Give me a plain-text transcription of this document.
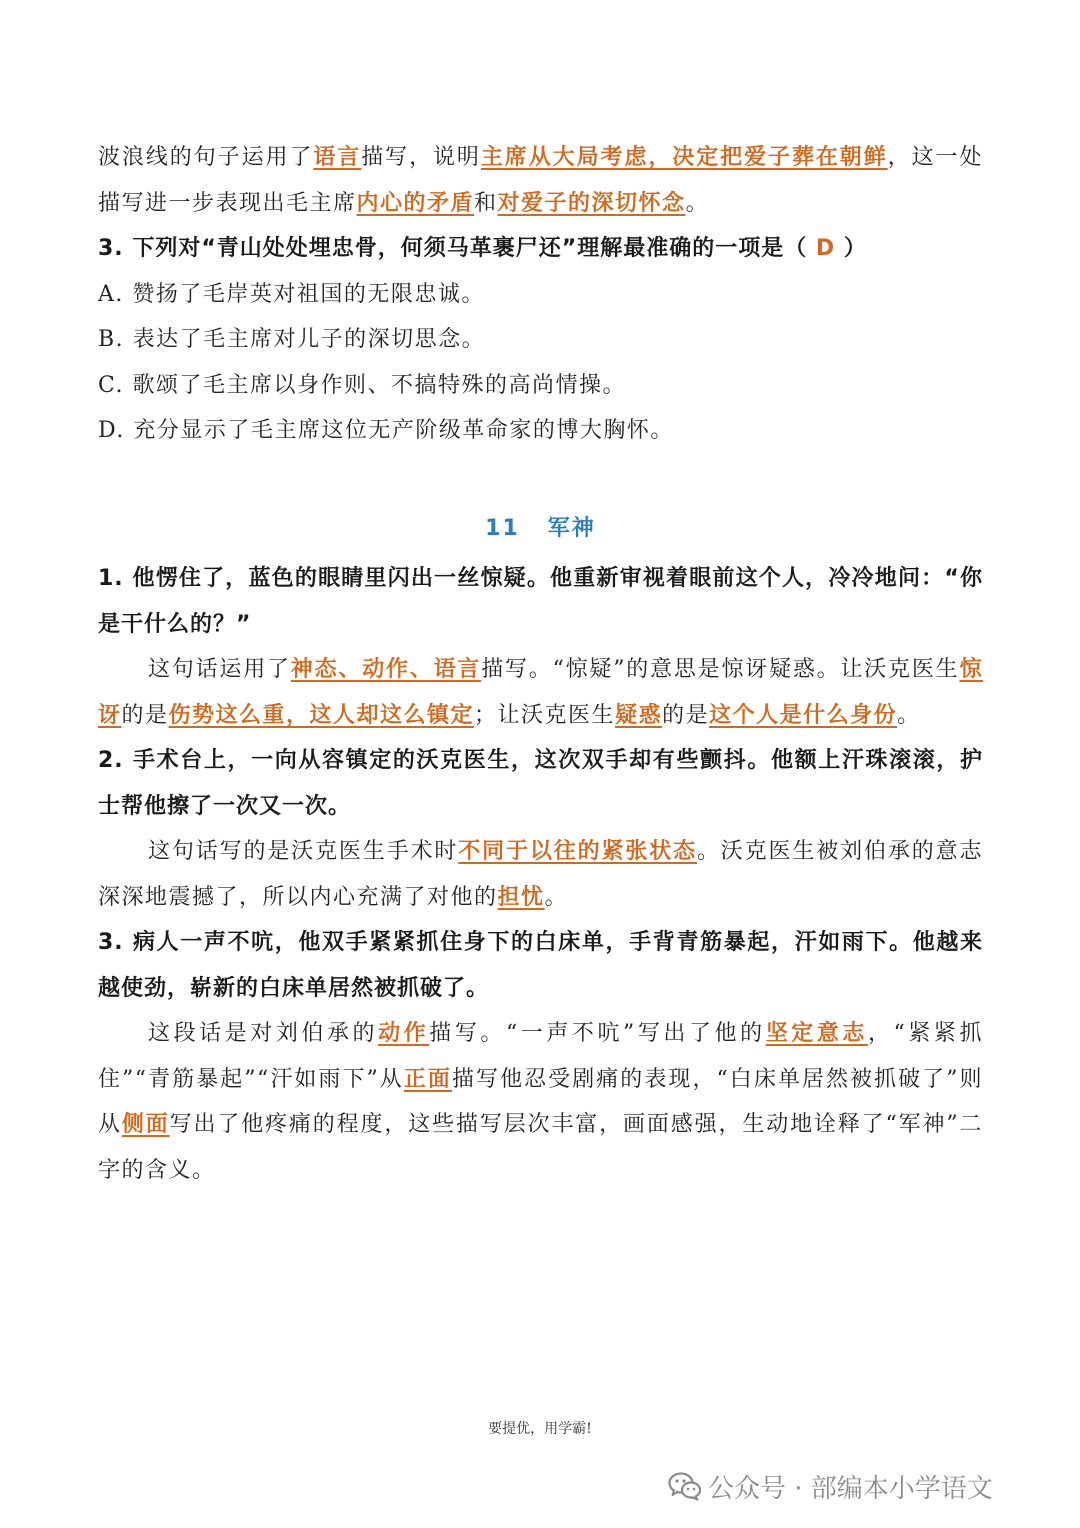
波浪线的句子运用了语言描写，说明主席从大局考虑，决定把爱子葬在朝鲜，这一处描写进一步表现出毛主席内心的矛盾和对爱子的深切怀念。

3. 下列对“青山处处埋忠骨，何须马革裹尸还”理解最准确的一项是（ D ）

A. 赞扬了毛岸英对祖国的无限忠诚。

B. 表达了毛主席对儿子的深切思念。

C. 歌颂了毛主席以身作则、不搞特殊的高尚情操。

D. 充分显示了毛主席这位无产阶级革命家的博大胸怀。

11 军神

1. 他愣住了，蓝色的眼睛里闪出一丝惊疑。他重新审视着眼前这个人，冷冷地问：“你是干什么的？”

这句话运用了神态、动作、语言描写。“惊疑”的意思是惊讶疑惑。让沃克医生惊讶的是伤势这么重，这人却这么镇定；让沃克医生疑惑的是这个人是什么身份。

2. 手术台上，一向从容镇定的沃克医生，这次双手却有些颤抖。他额上汗珠滚滚，护士帮他擦了一次又一次。

这句话写的是沃克医生手术时不同于以往的紧张状态。沃克医生被刘伯承的意志深深地震撼了，所以内心充满了对他的担忧。

3. 病人一声不吭，他双手紧紧抓住身下的白床单，手背青筋暴起，汗如雨下。他越来越使劲，崭新的白床单居然被抓破了。

这段话是对刘伯承的动作描写。“一声不吭”写出了他的坚定意志，“紧紧抓住”“青筋暴起”“汗如雨下”从正面描写他忍受剧痛的表现，“白床单居然被抓破了”则从侧面写出了他疼痛的程度，这些描写层次丰富，画面感强，生动地诠释了“军神”二字的含义。

要提优，用学霸!
公众号 · 部编本小学语文
